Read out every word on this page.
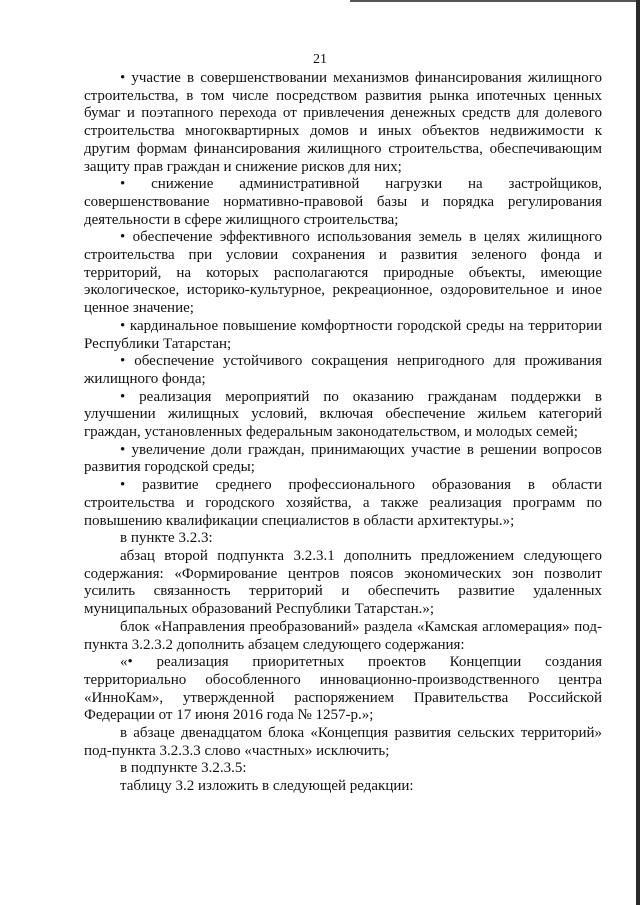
21

• участие в совершенствовании механизмов финансирования жилищного строительства, в том числе посредством развития рынка ипотечных ценных бумаг и поэтапного перехода от привлечения денежных средств для долевого строительства многоквартирных домов и иных объектов недвижимости к другим формам финансирования жилищного строительства, обеспечивающим защиту прав граждан и снижение рисков для них;

• снижение административной нагрузки на застройщиков, совершенствование нормативно-правовой базы и порядка регулирования деятельности в сфере жилищного строительства;

• обеспечение эффективного использования земель в целях жилищного строительства при условии сохранения и развития зеленого фонда и территорий, на которых располагаются природные объекты, имеющие экологическое, историко-культурное, рекреационное, оздоровительное и иное ценное значение;

• кардинальное повышение комфортности городской среды на территории Республики Татарстан;

• обеспечение устойчивого сокращения непригодного для проживания жилищного фонда;

• реализация мероприятий по оказанию гражданам поддержки в улучшении жилищных условий, включая обеспечение жильем категорий граждан, установленных федеральным законодательством, и молодых семей;

• увеличение доли граждан, принимающих участие в решении вопросов развития городской среды;

• развитие среднего профессионального образования в области строительства и городского хозяйства, а также реализация программ по повышению квалификации специалистов в области архитектуры.»;

в пункте 3.2.3:

абзац второй подпункта 3.2.3.1 дополнить предложением следующего содержания: «Формирование центров поясов экономических зон позволит усилить связанность территорий и обеспечить развитие удаленных муниципальных образований Республики Татарстан.»;

блок «Направления преобразований» раздела «Камская агломерация» под-пункта 3.2.3.2 дополнить абзацем следующего содержания:

«• реализация приоритетных проектов Концепции создания территориально обособленного инновационно-производственного центра «ИнноКам», утвержденной распоряжением Правительства Российской Федерации от 17 июня 2016 года № 1257-р.»;

в абзаце двенадцатом блока «Концепция развития сельских территорий» под-пункта 3.2.3.3 слово «частных» исключить;

в подпункте 3.2.3.5:

таблицу 3.2 изложить в следующей редакции:
